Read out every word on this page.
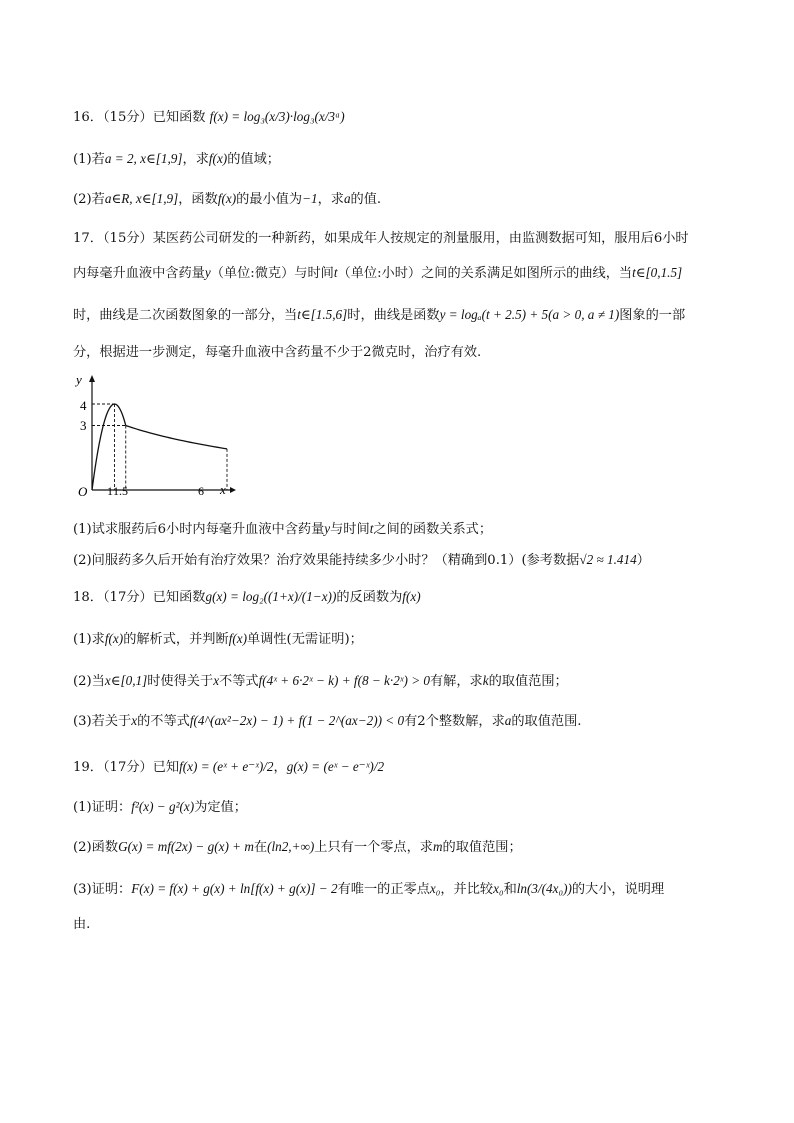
16．（15分）已知函数 f(x) = log₃(x/3)·log₃(x/3ᵃ)
(1)若a = 2, x∈[1,9]，求f(x)的值域；
(2)若a∈R, x∈[1,9]，函数f(x)的最小值为−1，求a的值.
17．（15分）某医药公司研发的一种新药，如果成年人按规定的剂量服用，由监测数据可知，服用后6小时
内每毫升血液中含药量y（单位:微克）与时间t（单位:小时）之间的关系满足如图所示的曲线，当t∈[0,1.5]
时，曲线是二次函数图象的一部分，当t∈[1.5,6]时，曲线是函数y = logₐ(t + 2.5) + 5(a > 0, a ≠ 1)图象的一部
分，根据进一步测定，每毫升血液中含药量不少于2微克时，治疗有效.
y
x
O
4
3
1 1.5	6
(1)试求服药后6小时内每毫升血液中含药量y与时间t之间的函数关系式；
(2)问服药多久后开始有治疗效果？治疗效果能持续多少小时？（精确到0.1）(参考数据√2 ≈ 1.414）
18．（17分）已知函数g(x) = log₂((1+x)/(1−x))的反函数为f(x)
(1)求f(x)的解析式，并判断f(x)单调性(无需证明)；
(2)当x∈[0,1]时使得关于x不等式f(4ˣ + 6·2ˣ − k) + f(8 − k·2ˣ) > 0有解，求k的取值范围；
(3)若关于x的不等式f(4^(ax²−2x) − 1) + f(1 − 2^(ax−2)) < 0有2个整数解，求a的取值范围.
19．（17分）已知f(x) = (eˣ + e⁻ˣ)/2，g(x) = (eˣ − e⁻ˣ)/2
(1)证明：f²(x) − g²(x)为定值；
(2)函数G(x) = mf(2x) − g(x) + m在(ln2,+∞)上只有一个零点，求m的取值范围；
(3)证明：F(x) = f(x) + g(x) + ln[f(x) + g(x)] − 2有唯一的正零点x₀，并比较x₀和ln(3/(4x₀))的大小，说明理
由.
